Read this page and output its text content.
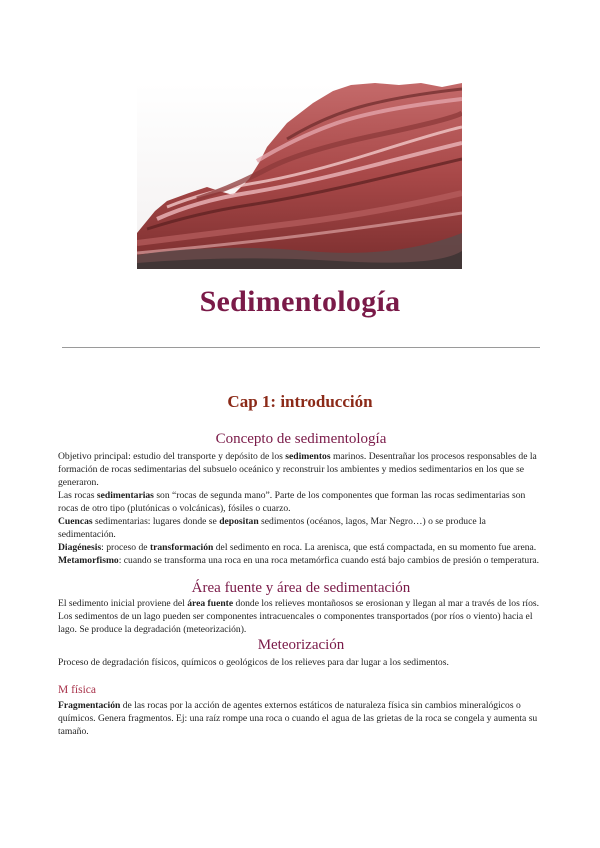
Sedimentología
Cap 1: introducción
Concepto de sedimentología

Objetivo principal: estudio del transporte y depósito de los sedimentos marinos. Desentrañar los procesos responsables de la formación de rocas sedimentarias del subsuelo oceánico y reconstruir los ambientes y medios sedimentarios en los que se generaron.

Las rocas sedimentarias son “rocas de segunda mano”. Parte de los componentes que forman las rocas sedimentarias son rocas de otro tipo (plutónicas o volcánicas), fósiles o cuarzo.

Cuencas sedimentarias: lugares donde se depositan sedimentos (océanos, lagos, Mar Negro…) o se produce la sedimentación.

Diagénesis: proceso de transformación del sedimento en roca. La arenisca, que está compactada, en su momento fue arena.

Metamorfismo: cuando se transforma una roca en una roca metamórfica cuando está bajo cambios de presión o temperatura.

Área fuente y área de sedimentación

El sedimento inicial proviene del área fuente donde los relieves montañosos se erosionan y llegan al mar a través de los ríos. Los sedimentos de un lago pueden ser componentes intracuencales o componentes transportados (por ríos o viento) hacia el lago. Se produce la degradación (meteorización).

Meteorización

Proceso de degradación físicos, químicos o geológicos de los relieves para dar lugar a los sedimentos.

M física

Fragmentación de las rocas por la acción de agentes externos estáticos de naturaleza física sin cambios mineralógicos o químicos. Genera fragmentos. Ej: una raíz rompe una roca o cuando el agua de las grietas de la roca se congela y aumenta su tamaño.
